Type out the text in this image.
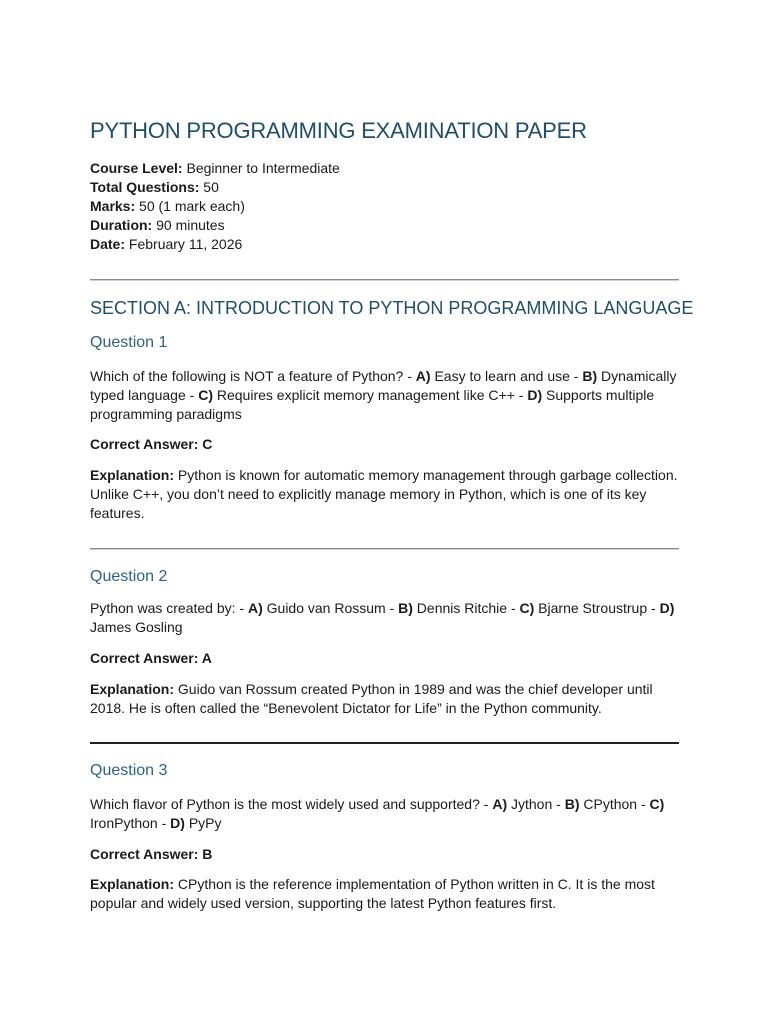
PYTHON PROGRAMMING EXAMINATION PAPER
Course Level: Beginner to Intermediate
Total Questions: 50
Marks: 50 (1 mark each)
Duration: 90 minutes
Date: February 11, 2026
SECTION A: INTRODUCTION TO PYTHON PROGRAMMING LANGUAGE
Question 1

Which of the following is NOT a feature of Python? - A) Easy to learn and use - B) Dynamically typed language - C) Requires explicit memory management like C++ - D) Supports multiple programming paradigms

Correct Answer: C

Explanation: Python is known for automatic memory management through garbage collection. Unlike C++, you don’t need to explicitly manage memory in Python, which is one of its key features.

Question 2

Python was created by: - A) Guido van Rossum - B) Dennis Ritchie - C) Bjarne Stroustrup - D) James Gosling

Correct Answer: A

Explanation: Guido van Rossum created Python in 1989 and was the chief developer until 2018. He is often called the “Benevolent Dictator for Life” in the Python community.

Question 3

Which flavor of Python is the most widely used and supported? - A) Jython - B) CPython - C) IronPython - D) PyPy

Correct Answer: B

Explanation: CPython is the reference implementation of Python written in C. It is the most popular and widely used version, supporting the latest Python features first.
